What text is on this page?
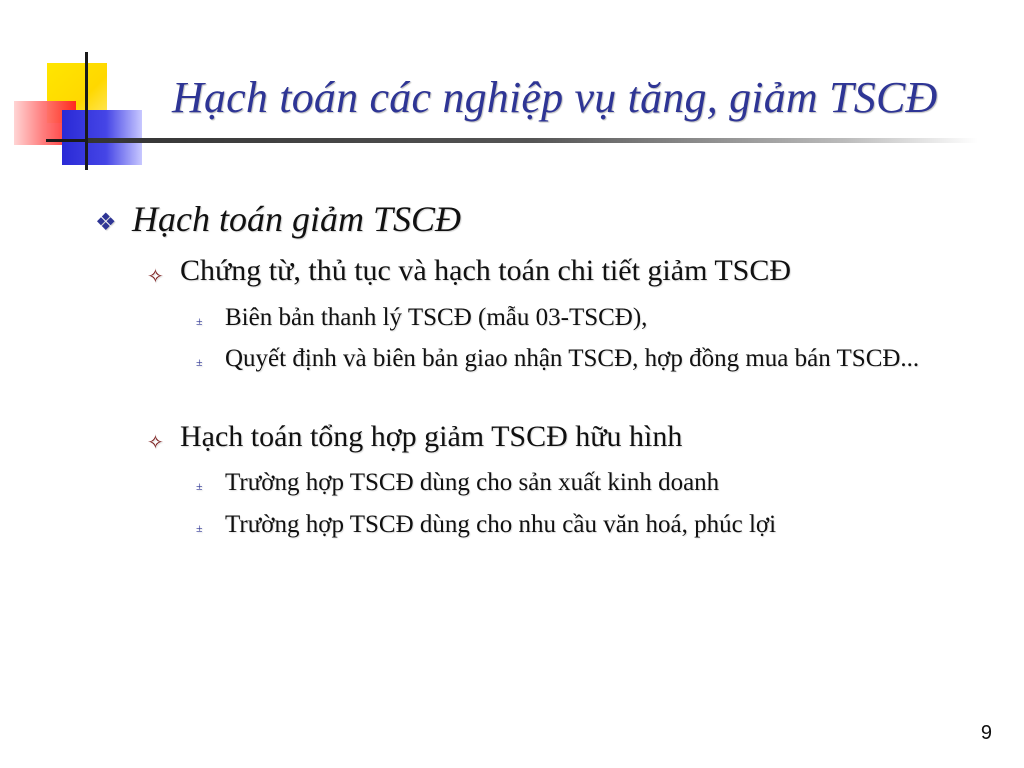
Hạch toán các nghiệp vụ tăng, giảm TSCĐ

❖ Hạch toán giảm TSCĐ

✧ Chứng từ, thủ tục và hạch toán chi tiết giảm TSCĐ

± Biên bản thanh lý TSCĐ (mẫu 03-TSCĐ),

± Quyết định và biên bản giao nhận TSCĐ, hợp đồng mua bán TSCĐ...

✧ Hạch toán tổng hợp giảm TSCĐ hữu hình

± Trường hợp TSCĐ dùng cho sản xuất kinh doanh

± Trường hợp TSCĐ dùng cho nhu cầu văn hoá, phúc lợi

9
